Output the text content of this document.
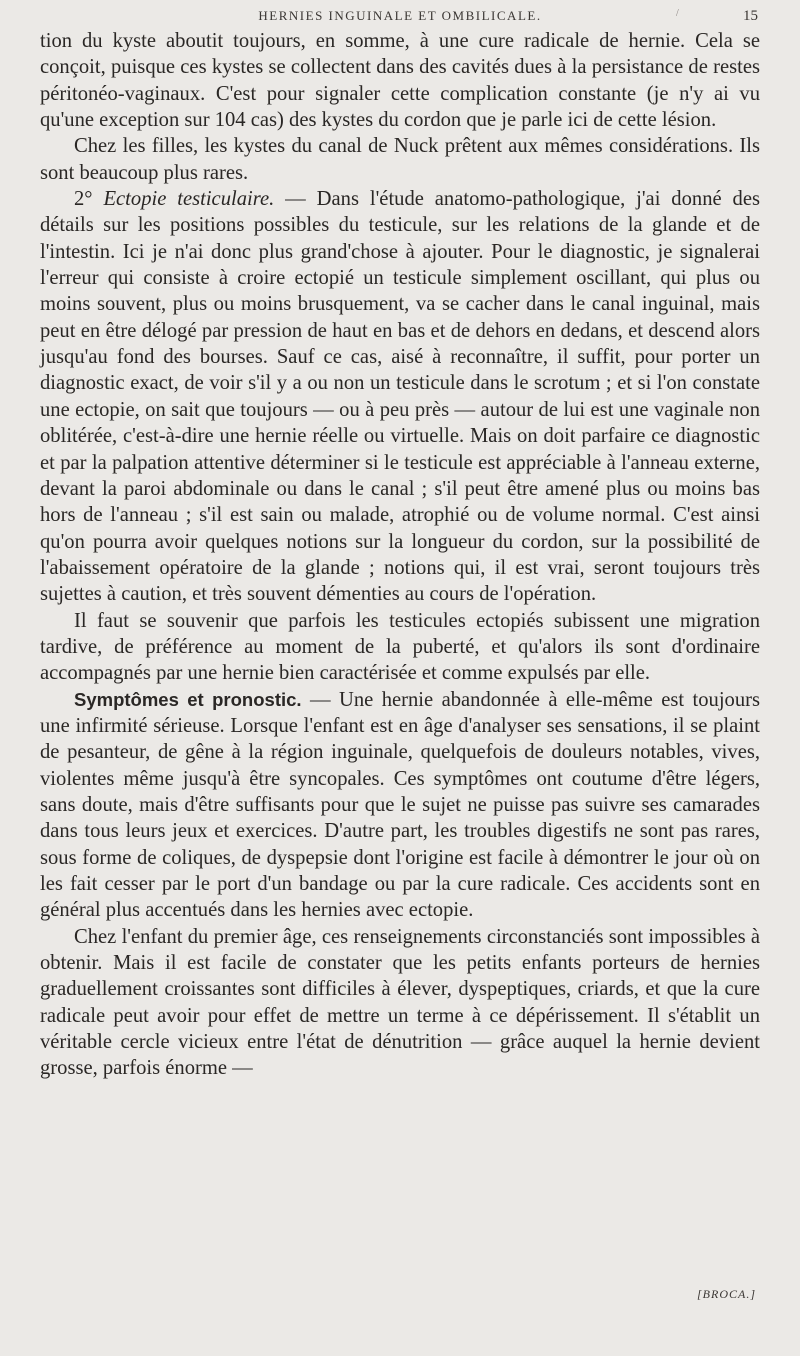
/
HERNIES INGUINALE ET OMBILICALE.	15

tion du kyste aboutit toujours, en somme, à une cure radicale de hernie. Cela se conçoit, puisque ces kystes se collectent dans des cavités dues à la persistance de restes péritonéo-vaginaux. C'est pour signaler cette complication constante (je n'y ai vu qu'une exception sur 104 cas) des kystes du cordon que je parle ici de cette lésion.

Chez les filles, les kystes du canal de Nuck prêtent aux mêmes considérations. Ils sont beaucoup plus rares.

2° Ectopie testiculaire. — Dans l'étude anatomo-pathologique, j'ai donné des détails sur les positions possibles du testicule, sur les relations de la glande et de l'intestin. Ici je n'ai donc plus grand'chose à ajouter. Pour le diagnostic, je signalerai l'erreur qui consiste à croire ectopié un testicule simplement oscillant, qui plus ou moins souvent, plus ou moins brusquement, va se cacher dans le canal inguinal, mais peut en être délogé par pression de haut en bas et de dehors en dedans, et descend alors jusqu'au fond des bourses. Sauf ce cas, aisé à reconnaître, il suffit, pour porter un diagnostic exact, de voir s'il y a ou non un testicule dans le scrotum ; et si l'on constate une ectopie, on sait que toujours — ou à peu près — autour de lui est une vaginale non oblitérée, c'est-à-dire une hernie réelle ou virtuelle. Mais on doit parfaire ce diagnostic et par la palpation attentive déterminer si le testicule est appréciable à l'anneau externe, devant la paroi abdominale ou dans le canal ; s'il peut être amené plus ou moins bas hors de l'anneau ; s'il est sain ou malade, atrophié ou de volume normal. C'est ainsi qu'on pourra avoir quelques notions sur la longueur du cordon, sur la possibilité de l'abaissement opératoire de la glande ; notions qui, il est vrai, seront toujours très sujettes à caution, et très souvent démenties au cours de l'opération.

Il faut se souvenir que parfois les testicules ectopiés subissent une migration tardive, de préférence au moment de la puberté, et qu'alors ils sont d'ordinaire accompagnés par une hernie bien caractérisée et comme expulsés par elle.

Symptômes et pronostic. — Une hernie abandonnée à elle-même est toujours une infirmité sérieuse. Lorsque l'enfant est en âge d'analyser ses sensations, il se plaint de pesanteur, de gêne à la région inguinale, quelquefois de douleurs notables, vives, violentes même jusqu'à être syncopales. Ces symptômes ont coutume d'être légers, sans doute, mais d'être suffisants pour que le sujet ne puisse pas suivre ses camarades dans tous leurs jeux et exercices. D'autre part, les troubles digestifs ne sont pas rares, sous forme de coliques, de dyspepsie dont l'origine est facile à démontrer le jour où on les fait cesser par le port d'un bandage ou par la cure radicale. Ces accidents sont en général plus accentués dans les hernies avec ectopie.

Chez l'enfant du premier âge, ces renseignements circonstanciés sont impossibles à obtenir. Mais il est facile de constater que les petits enfants porteurs de hernies graduellement croissantes sont difficiles à élever, dyspeptiques, criards, et que la cure radicale peut avoir pour effet de mettre un terme à ce dépérissement. Il s'établit un véritable cercle vicieux entre l'état de dénutrition — grâce auquel la hernie devient grosse, parfois énorme —

[BROCA.]
